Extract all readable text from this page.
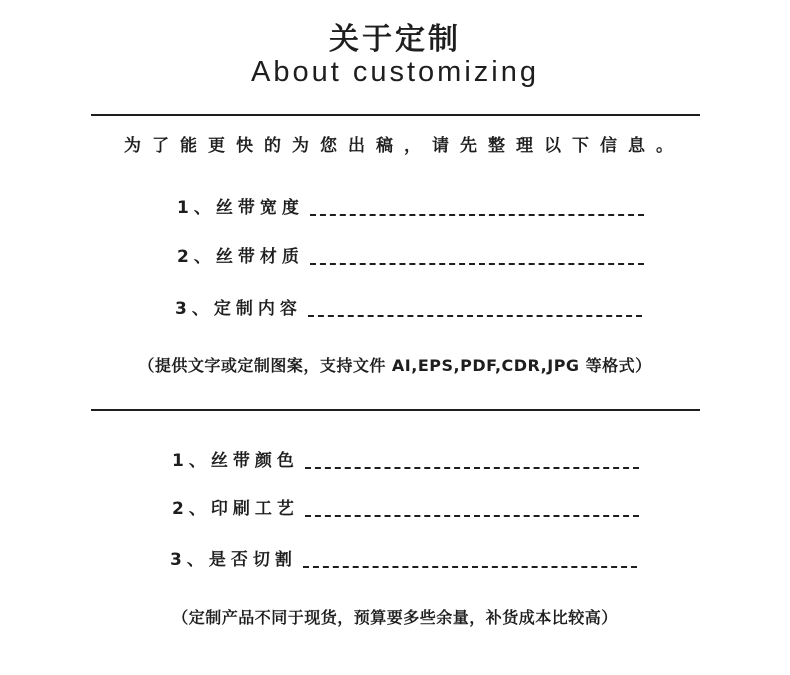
关于定制
About customizing
为了能更快的为您出稿，请先整理以下信息。
1、丝带宽度
2、丝带材质
3、定制内容
（提供文字或定制图案，支持文件 AI,EPS,PDF,CDR,JPG 等格式）
1、丝带颜色
2、印刷工艺
3、是否切割
（定制产品不同于现货，预算要多些余量，补货成本比较高）
